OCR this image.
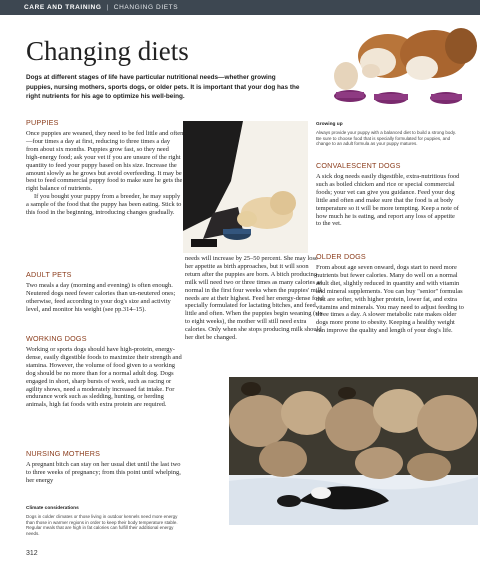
CARE AND TRAINING | CHANGING DIETS
Changing diets

Dogs at different stages of life have particular nutritional needs—whether growing puppies, nursing mothers, sports dogs, or older pets. It is important that your dog has the right nutrients for his age to optimize his well-being.

PUPPIES

Once puppies are weaned, they need to be fed little and often—four times a day at first, reducing to three times a day from about six months. Puppies grow fast, so they need high-energy food; ask your vet if you are unsure of the right quantity to feed your puppy based on his size. Increase the amount slowly as he grows but avoid overfeeding. It may be best to feed commercial puppy food to make sure he gets the right balance of nutrients.

If you bought your puppy from a breeder, he may supply a sample of the food that the puppy has been eating. Stick to this food in the beginning, introducing changes gradually.

ADULT PETS

Two meals a day (morning and evening) is often enough. Neutered dogs need fewer calories than un-neutered ones; otherwise, feed according to your dog's size and activity level, and monitor his weight (see pp.314–15).

WORKING DOGS

Working or sports dogs should have high-protein, energy-dense, easily digestible foods to maximize their strength and stamina. However, the volume of food given to a working dog should be no more than for a normal adult dog. Dogs engaged in short, sharp bursts of work, such as racing or agility shows, need a moderately increased fat intake. For endurance work such as sledding, hunting, or herding animals, high fat foods with extra protein are required.

NURSING MOTHERS

A pregnant bitch can stay on her usual diet until the last two to three weeks of pregnancy; from this point until whelping, her energy

Climate considerations

Dogs in colder climates or those living in outdoor kennels need more energy than those in warmer regions in order to keep their body temperature stable. Regular meals that are high in fat calories can fulfill their additional energy needs.

needs will increase by 25–50 percent. She may lose her appetite as birth approaches, but it will soon return after the puppies are born. A bitch producing milk will need two or three times as many calories as normal in the first four weeks when the puppies' milk needs are at their highest. Feed her energy-dense food specially formulated for lactating bitches, and feed little and often. When the puppies begin weaning (six to eight weeks), the mother will still need extra calories. Only when she stops producing milk should her diet be changed.

Growing up

Always provide your puppy with a balanced diet to build a strong body. Be sure to choose food that is specially formulated for puppies, and change to an adult formula as your puppy matures.

CONVALESCENT DOGS

A sick dog needs easily digestible, extra-nutritious food such as boiled chicken and rice or special commercial foods; your vet can give you guidance. Feed your dog little and often and make sure that the food is at body temperature so it will be more tempting. Keep a note of how much he is eating, and report any loss of appetite to the vet.

OLDER DOGS

From about age seven onward, dogs start to need more nutrients but fewer calories. Many do well on a normal adult diet, slightly reduced in quantity and with vitamin and mineral supplements. You can buy "senior" formulas that are softer, with higher protein, lower fat, and extra vitamins and minerals. You may need to adjust feeding to three times a day. A slower metabolic rate makes older dogs more prone to obesity. Keeping a healthy weight can improve the quality and length of your dog's life.

312
